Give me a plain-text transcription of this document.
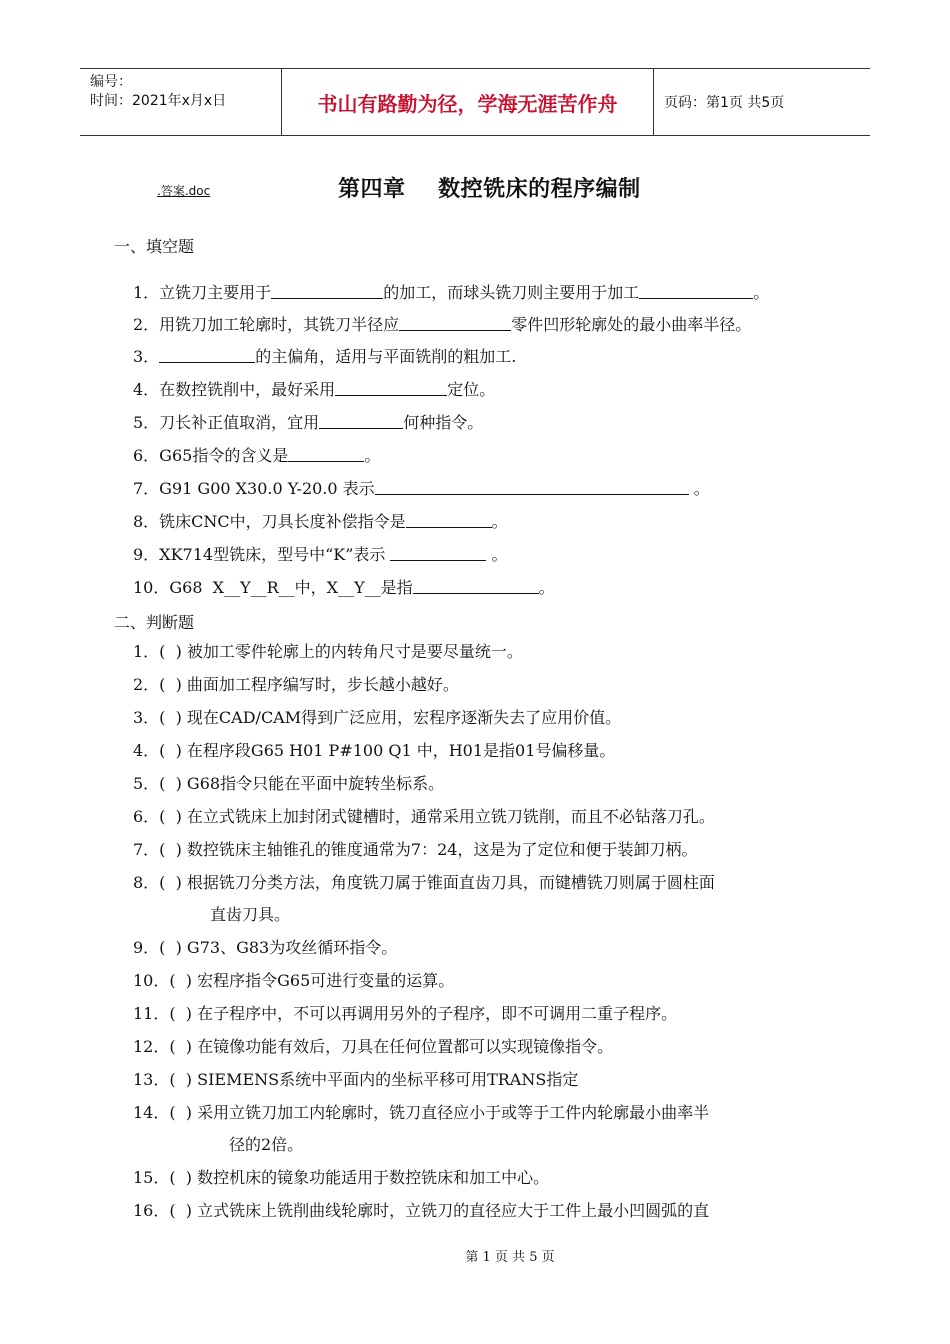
编号：
时间：2021年x月x日	书山有路勤为径，学海无涯苦作舟	页码：第1页 共5页
.答案.doc	第四章    数控铣床的程序编制
一、填空题
1．立铣刀主要用于	的加工，而球头铣刀则主要用于加工	。
2．用铣刀加工轮廓时，其铣刀半径应	零件凹形轮廓处的最小曲率半径。
3．	的主偏角，适用与平面铣削的粗加工.
4．在数控铣削中，最好采用	定位。
5．刀长补正值取消，宜用	何种指令。
6．G65指令的含义是	。
7．G91 G00 X30.0 Y-20.0 表示	。
8．铣床CNC中，刀具长度补偿指令是	。
9．XK714型铣床，型号中“K”表示	。
10．G68  X__Y__R__中，X__Y__是指	。
二、判断题
1．(  ) 被加工零件轮廓上的内转角尺寸是要尽量统一。
2．(  ) 曲面加工程序编写时，步长越小越好。
3．(  ) 现在CAD/CAM得到广泛应用，宏程序逐渐失去了应用价值。
4．(  ) 在程序段G65 H01 P#100 Q1 中，H01是指01号偏移量。
5．(  ) G68指令只能在平面中旋转坐标系。
6．(  ) 在立式铣床上加封闭式键槽时，通常采用立铣刀铣削，而且不必钻落刀孔。
7．(  ) 数控铣床主轴锥孔的锥度通常为7：24，这是为了定位和便于装卸刀柄。
8．(  ) 根据铣刀分类方法，角度铣刀属于锥面直齿刀具，而键槽铣刀则属于圆柱面
直齿刀具。
9．(  ) G73、G83为攻丝循环指令。
10．(  ) 宏程序指令G65可进行变量的运算。
11．(  ) 在子程序中，不可以再调用另外的子程序，即不可调用二重子程序。
12．(  ) 在镜像功能有效后，刀具在任何位置都可以实现镜像指令。
13．(  ) SIEMENS系统中平面内的坐标平移可用TRANS指定
14．(  ) 采用立铣刀加工内轮廓时，铣刀直径应小于或等于工件内轮廓最小曲率半
径的2倍。
15．(  ) 数控机床的镜象功能适用于数控铣床和加工中心。
16．(  ) 立式铣床上铣削曲线轮廓时，立铣刀的直径应大于工件上最小凹圆弧的直
第 1 页 共 5 页
